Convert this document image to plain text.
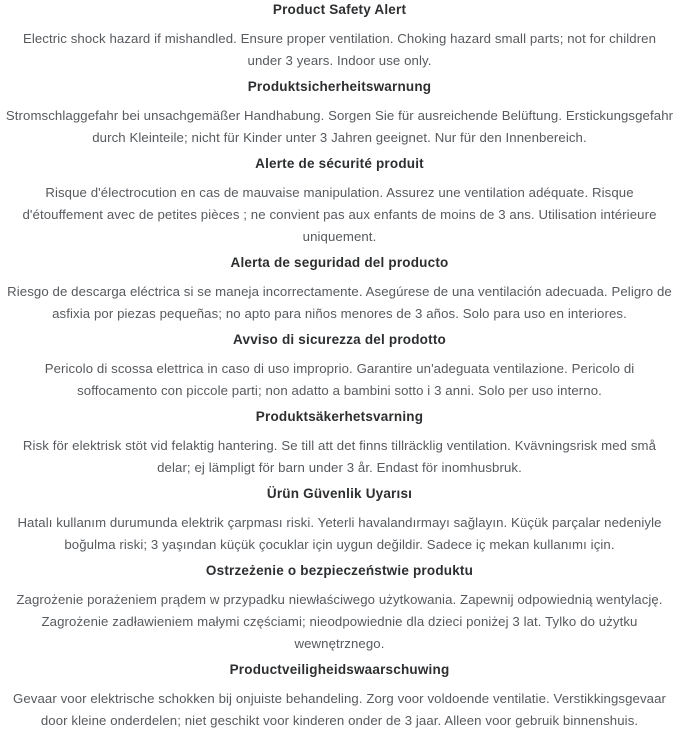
Product Safety Alert

Electric shock hazard if mishandled. Ensure proper ventilation. Choking hazard small parts; not for children under 3 years. Indoor use only.

Produktsicherheitswarnung

Stromschlaggefahr bei unsachgemäßer Handhabung. Sorgen Sie für ausreichende Belüftung. Erstickungsgefahr durch Kleinteile; nicht für Kinder unter 3 Jahren geeignet. Nur für den Innenbereich.

Alerte de sécurité produit

Risque d'électrocution en cas de mauvaise manipulation. Assurez une ventilation adéquate. Risque d'étouffement avec de petites pièces ; ne convient pas aux enfants de moins de 3 ans. Utilisation intérieure uniquement.

Alerta de seguridad del producto

Riesgo de descarga eléctrica si se maneja incorrectamente. Asegúrese de una ventilación adecuada. Peligro de asfixia por piezas pequeñas; no apto para niños menores de 3 años. Solo para uso en interiores.

Avviso di sicurezza del prodotto

Pericolo di scossa elettrica in caso di uso improprio. Garantire un'adeguata ventilazione. Pericolo di soffocamento con piccole parti; non adatto a bambini sotto i 3 anni. Solo per uso interno.

Produktsäkerhetsvarning

Risk för elektrisk stöt vid felaktig hantering. Se till att det finns tillräcklig ventilation. Kvävningsrisk med små delar; ej lämpligt för barn under 3 år. Endast för inomhusbruk.

Ürün Güvenlik Uyarısı

Hatalı kullanım durumunda elektrik çarpması riski. Yeterli havalandırmayı sağlayın. Küçük parçalar nedeniyle boğulma riski; 3 yaşından küçük çocuklar için uygun değildir. Sadece iç mekan kullanımı için.

Ostrzeżenie o bezpieczeństwie produktu

Zagrożenie porażeniem prądem w przypadku niewłaściwego użytkowania. Zapewnij odpowiednią wentylację. Zagrożenie zadławieniem małymi częściami; nieodpowiednie dla dzieci poniżej 3 lat. Tylko do użytku wewnętrznego.

Productveiligheidswaarschuwing

Gevaar voor elektrische schokken bij onjuiste behandeling. Zorg voor voldoende ventilatie. Verstikkingsgevaar door kleine onderdelen; niet geschikt voor kinderen onder de 3 jaar. Alleen voor gebruik binnenshuis.
